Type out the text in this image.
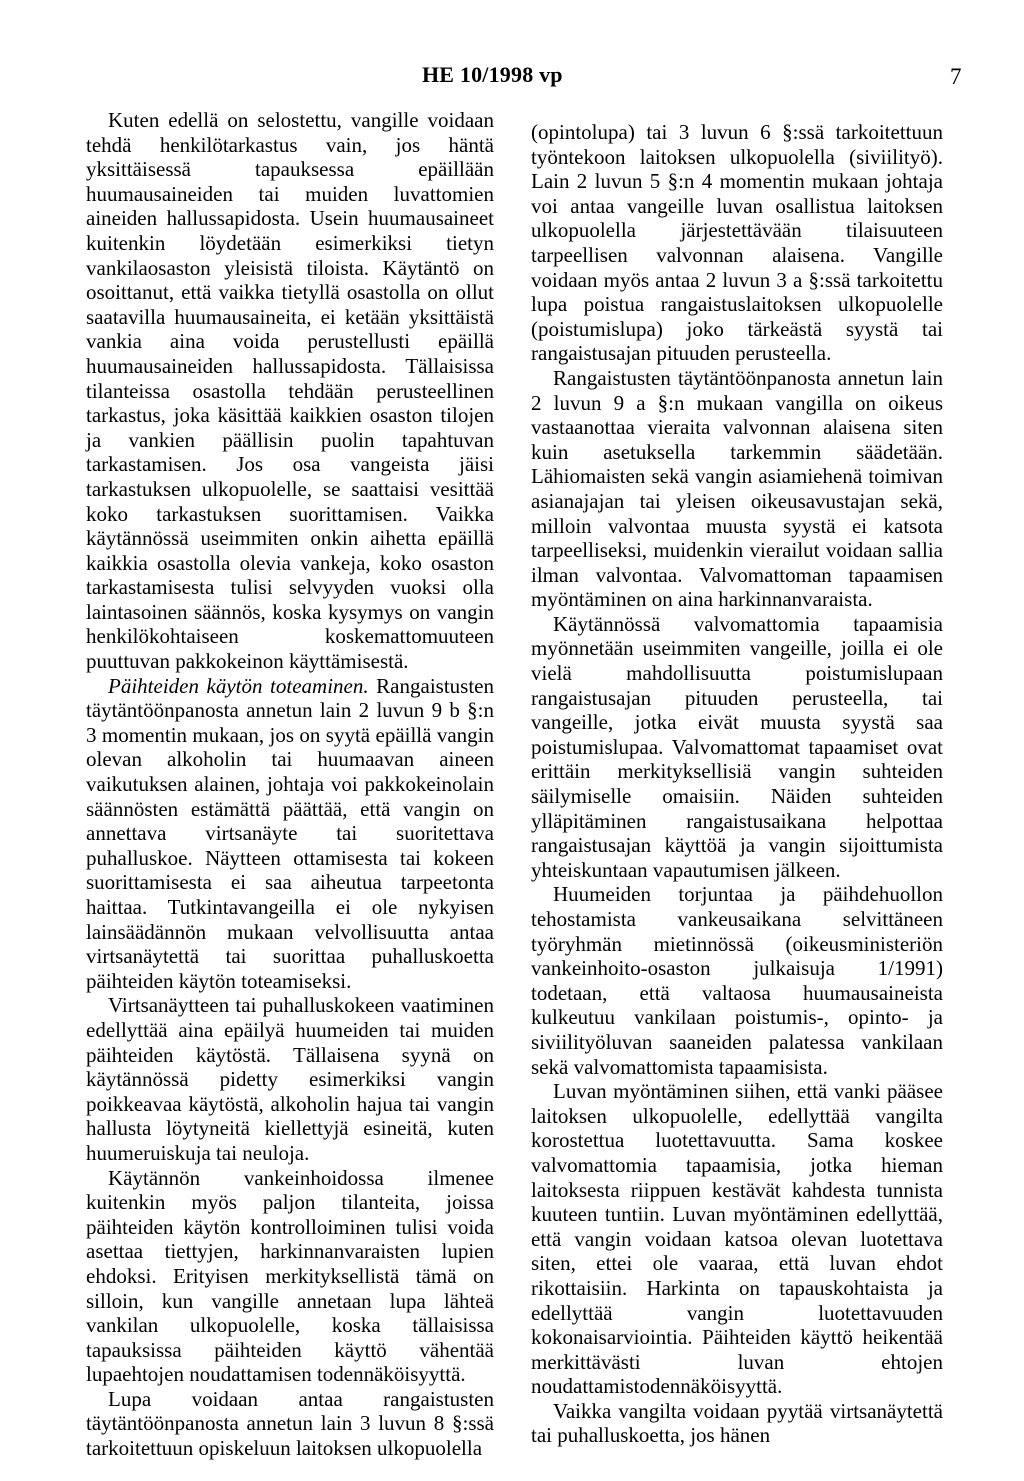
HE 10/1998 vp	7

Kuten edellä on selostettu, vangille voidaan tehdä henkilötarkastus vain, jos häntä yksittäisessä tapauksessa epäillään huumausaineiden tai muiden luvattomien aineiden hallussapidosta. Usein huumausaineet kuitenkin löydetään esimerkiksi tietyn vankilaosaston yleisistä tiloista. Käytäntö on osoittanut, että vaikka tietyllä osastolla on ollut saatavilla huumausaineita, ei ketään yksittäistä vankia aina voida perustellusti epäillä huumausaineiden hallussapidosta. Tällaisissa tilanteissa osastolla tehdään perusteellinen tarkastus, joka käsittää kaikkien osaston tilojen ja vankien päällisin puolin tapahtuvan tarkastamisen. Jos osa vangeista jäisi tarkastuksen ulkopuolelle, se saattaisi vesittää koko tarkastuksen suorittamisen. Vaikka käytännössä useimmiten onkin aihetta epäillä kaikkia osastolla olevia vankeja, koko osaston tarkastamisesta tulisi selvyyden vuoksi olla laintasoinen säännös, koska kysymys on vangin henkilökohtaiseen koskemattomuuteen puuttuvan pakkokeinon käyttämisestä.

Päihteiden käytön toteaminen. Rangaistusten täytäntöönpanosta annetun lain 2 luvun 9 b §:n 3 momentin mukaan, jos on syytä epäillä vangin olevan alkoholin tai huumaavan aineen vaikutuksen alainen, johtaja voi pakkokeinolain säännösten estämättä päättää, että vangin on annettava virtsanäyte tai suoritettava puhalluskoe. Näytteen ottamisesta tai kokeen suorittamisesta ei saa aiheutua tarpeetonta haittaa. Tutkintavangeilla ei ole nykyisen lainsäädännön mukaan velvollisuutta antaa virtsanäytettä tai suorittaa puhalluskoetta päihteiden käytön toteamiseksi.

Virtsanäytteen tai puhalluskokeen vaatiminen edellyttää aina epäilyä huumeiden tai muiden päihteiden käytöstä. Tällaisena syynä on käytännössä pidetty esimerkiksi vangin poikkeavaa käytöstä, alkoholin hajua tai vangin hallusta löytyneitä kiellettyjä esineitä, kuten huumeruiskuja tai neuloja.

Käytännön vankeinhoidossa ilmenee kuitenkin myös paljon tilanteita, joissa päihteiden käytön kontrolloiminen tulisi voida asettaa tiettyjen, harkinnanvaraisten lupien ehdoksi. Erityisen merkityksellistä tämä on silloin, kun vangille annetaan lupa lähteä vankilan ulkopuolelle, koska tällaisissa tapauksissa päihteiden käyttö vähentää lupaehtojen noudattamisen todennäköisyyttä.

Lupa voidaan antaa rangaistusten täytäntöönpanosta annetun lain 3 luvun 8 §:ssä tarkoitettuun opiskeluun laitoksen ulkopuolella

(opintolupa) tai 3 luvun 6 §:ssä tarkoitettuun työntekoon laitoksen ulkopuolella (siviilityö). Lain 2 luvun 5 §:n 4 momentin mukaan johtaja voi antaa vangeille luvan osallistua laitoksen ulkopuolella järjestettävään tilaisuuteen tarpeellisen valvonnan alaisena. Vangille voidaan myös antaa 2 luvun 3 a §:ssä tarkoitettu lupa poistua rangaistuslaitoksen ulkopuolelle (poistumislupa) joko tärkeästä syystä tai rangaistusajan pituuden perusteella.

Rangaistusten täytäntöönpanosta annetun lain 2 luvun 9 a §:n mukaan vangilla on oikeus vastaanottaa vieraita valvonnan alaisena siten kuin asetuksella tarkemmin säädetään. Lähiomaisten sekä vangin asiamiehenä toimivan asianajajan tai yleisen oikeusavustajan sekä, milloin valvontaa muusta syystä ei katsota tarpeelliseksi, muidenkin vierailut voidaan sallia ilman valvontaa. Valvomattoman tapaamisen myöntäminen on aina harkinnanvaraista.

Käytännössä valvomattomia tapaamisia myönnetään useimmiten vangeille, joilla ei ole vielä mahdollisuutta poistumislupaan rangaistusajan pituuden perusteella, tai vangeille, jotka eivät muusta syystä saa poistumislupaa. Valvomattomat tapaamiset ovat erittäin merkityksellisiä vangin suhteiden säilymiselle omaisiin. Näiden suhteiden ylläpitäminen rangaistusaikana helpottaa rangaistusajan käyttöä ja vangin sijoittumista yhteiskuntaan vapautumisen jälkeen.

Huumeiden torjuntaa ja päihdehuollon tehostamista vankeusaikana selvittäneen työryhmän mietinnössä (oikeusministeriön vankeinhoito-osaston julkaisuja 1/1991) todetaan, että valtaosa huumausaineista kulkeutuu vankilaan poistumis-, opinto- ja siviilityöluvan saaneiden palatessa vankilaan sekä valvomattomista tapaamisista.

Luvan myöntäminen siihen, että vanki pääsee laitoksen ulkopuolelle, edellyttää vangilta korostettua luotettavuutta. Sama koskee valvomattomia tapaamisia, jotka hieman laitoksesta riippuen kestävät kahdesta tunnista kuuteen tuntiin. Luvan myöntäminen edellyttää, että vangin voidaan katsoa olevan luotettava siten, ettei ole vaaraa, että luvan ehdot rikottaisiin. Harkinta on tapauskohtaista ja edellyttää vangin luotettavuuden kokonaisarviointia. Päihteiden käyttö heikentää merkittävästi luvan ehtojen noudattamistodennäköisyyttä.

Vaikka vangilta voidaan pyytää virtsanäytettä tai puhalluskoetta, jos hänen
